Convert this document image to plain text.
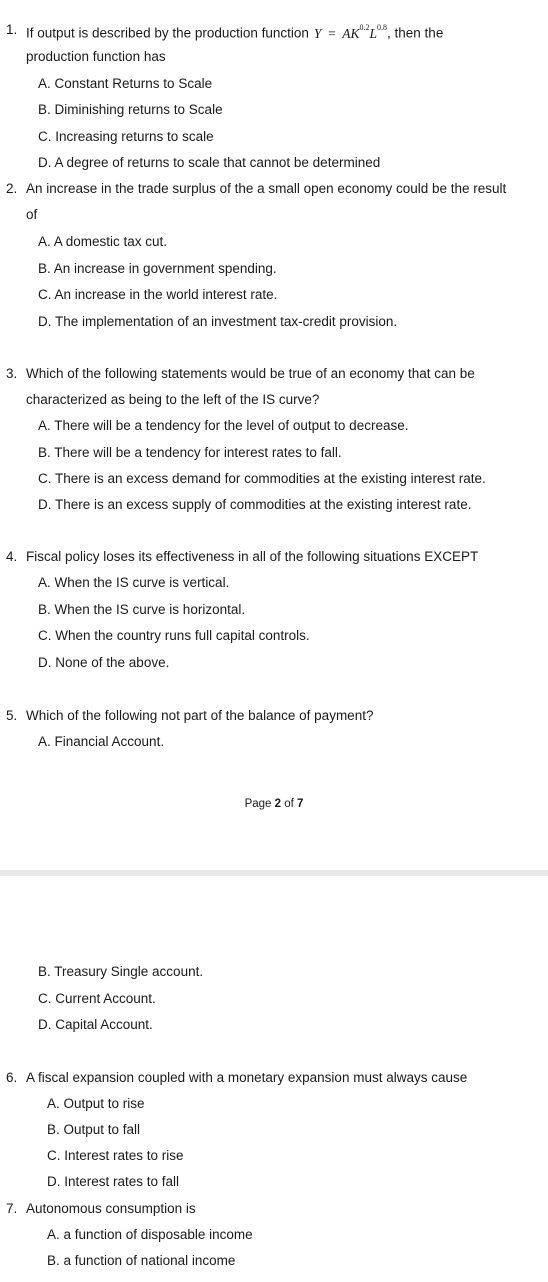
1. If output is described by the production function   $Y = AK^{0.2}L^{0.8}$, then the
production function has
A. Constant Returns to Scale
B. Diminishing returns to Scale
C. Increasing returns to scale
D. A degree of returns to scale that cannot be determined
2. An increase in the trade surplus of the a small open economy could be the result
of
A. A domestic tax cut.
B. An increase in government spending.
C. An increase in the world interest rate.
D. The implementation of an investment tax-credit provision.
3. Which of the following statements would be true of an economy that can be
characterized as being to the left of the IS curve?
A. There will be a tendency for the level of output to decrease.
B. There will be a tendency for interest rates to fall.
C. There is an excess demand for commodities at the existing interest rate.
D. There is an excess supply of commodities at the existing interest rate.
4. Fiscal policy loses its effectiveness in all of the following situations EXCEPT
A. When the IS curve is vertical.
B. When the IS curve is horizontal.
C. When the country runs full capital controls.
D. None of the above.
5. Which of the following not part of the balance of payment?
A. Financial Account.
Page 2 of 7
B. Treasury Single account.
C. Current Account.
D. Capital Account.
6. A fiscal expansion coupled with a monetary expansion must always cause
A. Output to rise
B. Output to fall
C. Interest rates to rise
D. Interest rates to fall
7. Autonomous consumption is
A. a function of disposable income
B. a function of national income
